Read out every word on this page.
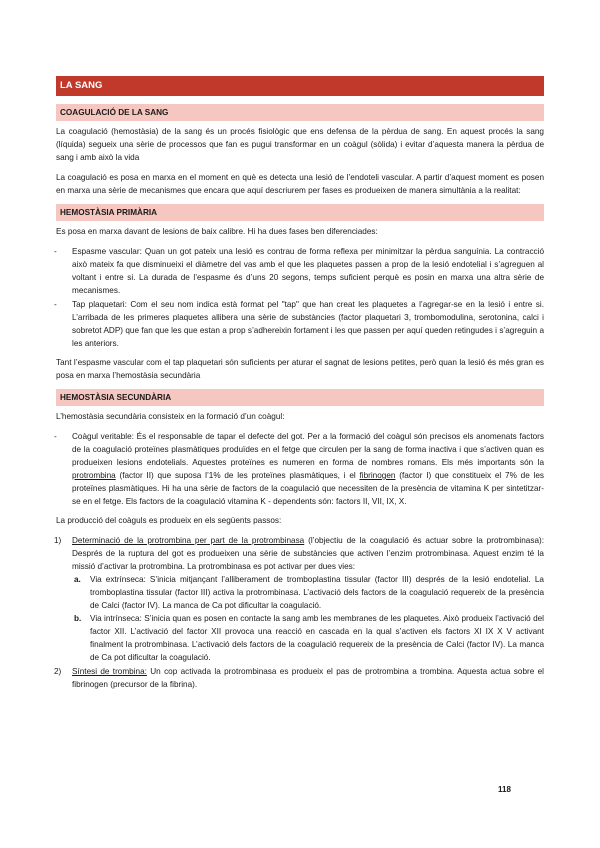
LA SANG
COAGULACIÓ DE LA SANG

La coagulació (hemostàsia) de la sang és un procés fisiològic que ens defensa de la pèrdua de sang. En aquest procés la sang (líquida) segueix una sèrie de processos que fan es pugui transformar en un coàgul (sòlida) i evitar d’aquesta manera la pèrdua de sang i amb això la vida

La coagulació es posa en marxa en el moment en què es detecta una lesió de l’endoteli vascular. A partir d’aquest moment es posen en marxa una sèrie de mecanismes que encara que aquí descriurem per fases es produeixen de manera simultània a la realitat:

HEMOSTÀSIA PRIMÀRIA

Es posa en marxa davant de lesions de baix calibre. Hi ha dues fases ben diferenciades:

- Espasme vascular: Quan un got pateix una lesió es contrau de forma reflexa per minimitzar la pèrdua sanguínia. La contracció això mateix fa que disminueixi el diàmetre del vas amb el que les plaquetes passen a prop de la lesió endotelial i s’agreguen al voltant i entre si. La durada de l’espasme és d’uns 20 segons, temps suficient perquè es posin en marxa una altra sèrie de mecanismes.
- Tap plaquetari: Com el seu nom indica està format pel "tap" que han creat les plaquetes a l’agregar-se en la lesió i entre si. L’arribada de les primeres plaquetes allibera una sèrie de substàncies (factor plaquetari 3, trombomodulina, serotonina, calci i sobretot ADP) que fan que les que estan a prop s’adhereixin fortament i les que passen per aquí queden retingudes i s’agreguin a les anteriors.

Tant l’espasme vascular com el tap plaquetari són suficients per aturar el sagnat de lesions petites, però quan la lesió és més gran es posa en marxa l’hemostàsia secundària

HEMOSTÀSIA SECUNDÀRIA

L’hemostàsia secundària consisteix en la formació d’un coàgul:

- Coàgul veritable: És el responsable de tapar el defecte del got. Per a la formació del coàgul són precisos els anomenats factors de la coagulació proteïnes plasmàtiques produïdes en el fetge que circulen per la sang de forma inactiva i que s’activen quan es produeixen lesions endotelials. Aquestes proteïnes es numeren en forma de nombres romans. Els més importants són la protrombina (factor II) que suposa l’1% de les proteïnes plasmàtiques, i el fibrinogen (factor I) que constitueix el 7% de les proteïnes plasmàtiques. Hi ha una sèrie de factors de la coagulació que necessiten de la presència de vitamina K per sintetitzar-se en el fetge. Els factors de la coagulació vitamina K - dependents són: factors II, VII, IX, X.

La producció del coàguls es produeix en els següents passos:

1) Determinació de la protrombina per part de la protrombinasa (l’objectiu de la coagulació és actuar sobre la protrombinasa): Després de la ruptura del got es produeixen una sèrie de substàncies que activen l’enzim protrombinasa. Aquest enzim té la missió d’activar la protrombina. La protrombinasa es pot activar per dues vies:
a. Via extrínseca: S’inicia mitjançant l’alliberament de tromboplastina tissular (factor III) després de la lesió endotelial. La tromboplastina tissular (factor III) activa la protrombinasa. L’activació dels factors de la coagulació requereix de la presència de Calci (factor IV). La manca de Ca pot dificultar la coagulació.
b. Via intrínseca: S’inicia quan es posen en contacte la sang amb les membranes de les plaquetes. Això produeix l’activació del factor XII. L’activació del factor XII provoca una reacció en cascada en la qual s’activen els factors XI IX X V activant finalment la protrombinasa. L’activació dels factors de la coagulació requereix de la presència de Calci (factor IV). La manca de Ca pot dificultar la coagulació.
2) Síntesi de trombina: Un cop activada la protrombinasa es produeix el pas de protrombina a trombina. Aquesta actua sobre el fibrinogen (precursor de la fibrina).
118
